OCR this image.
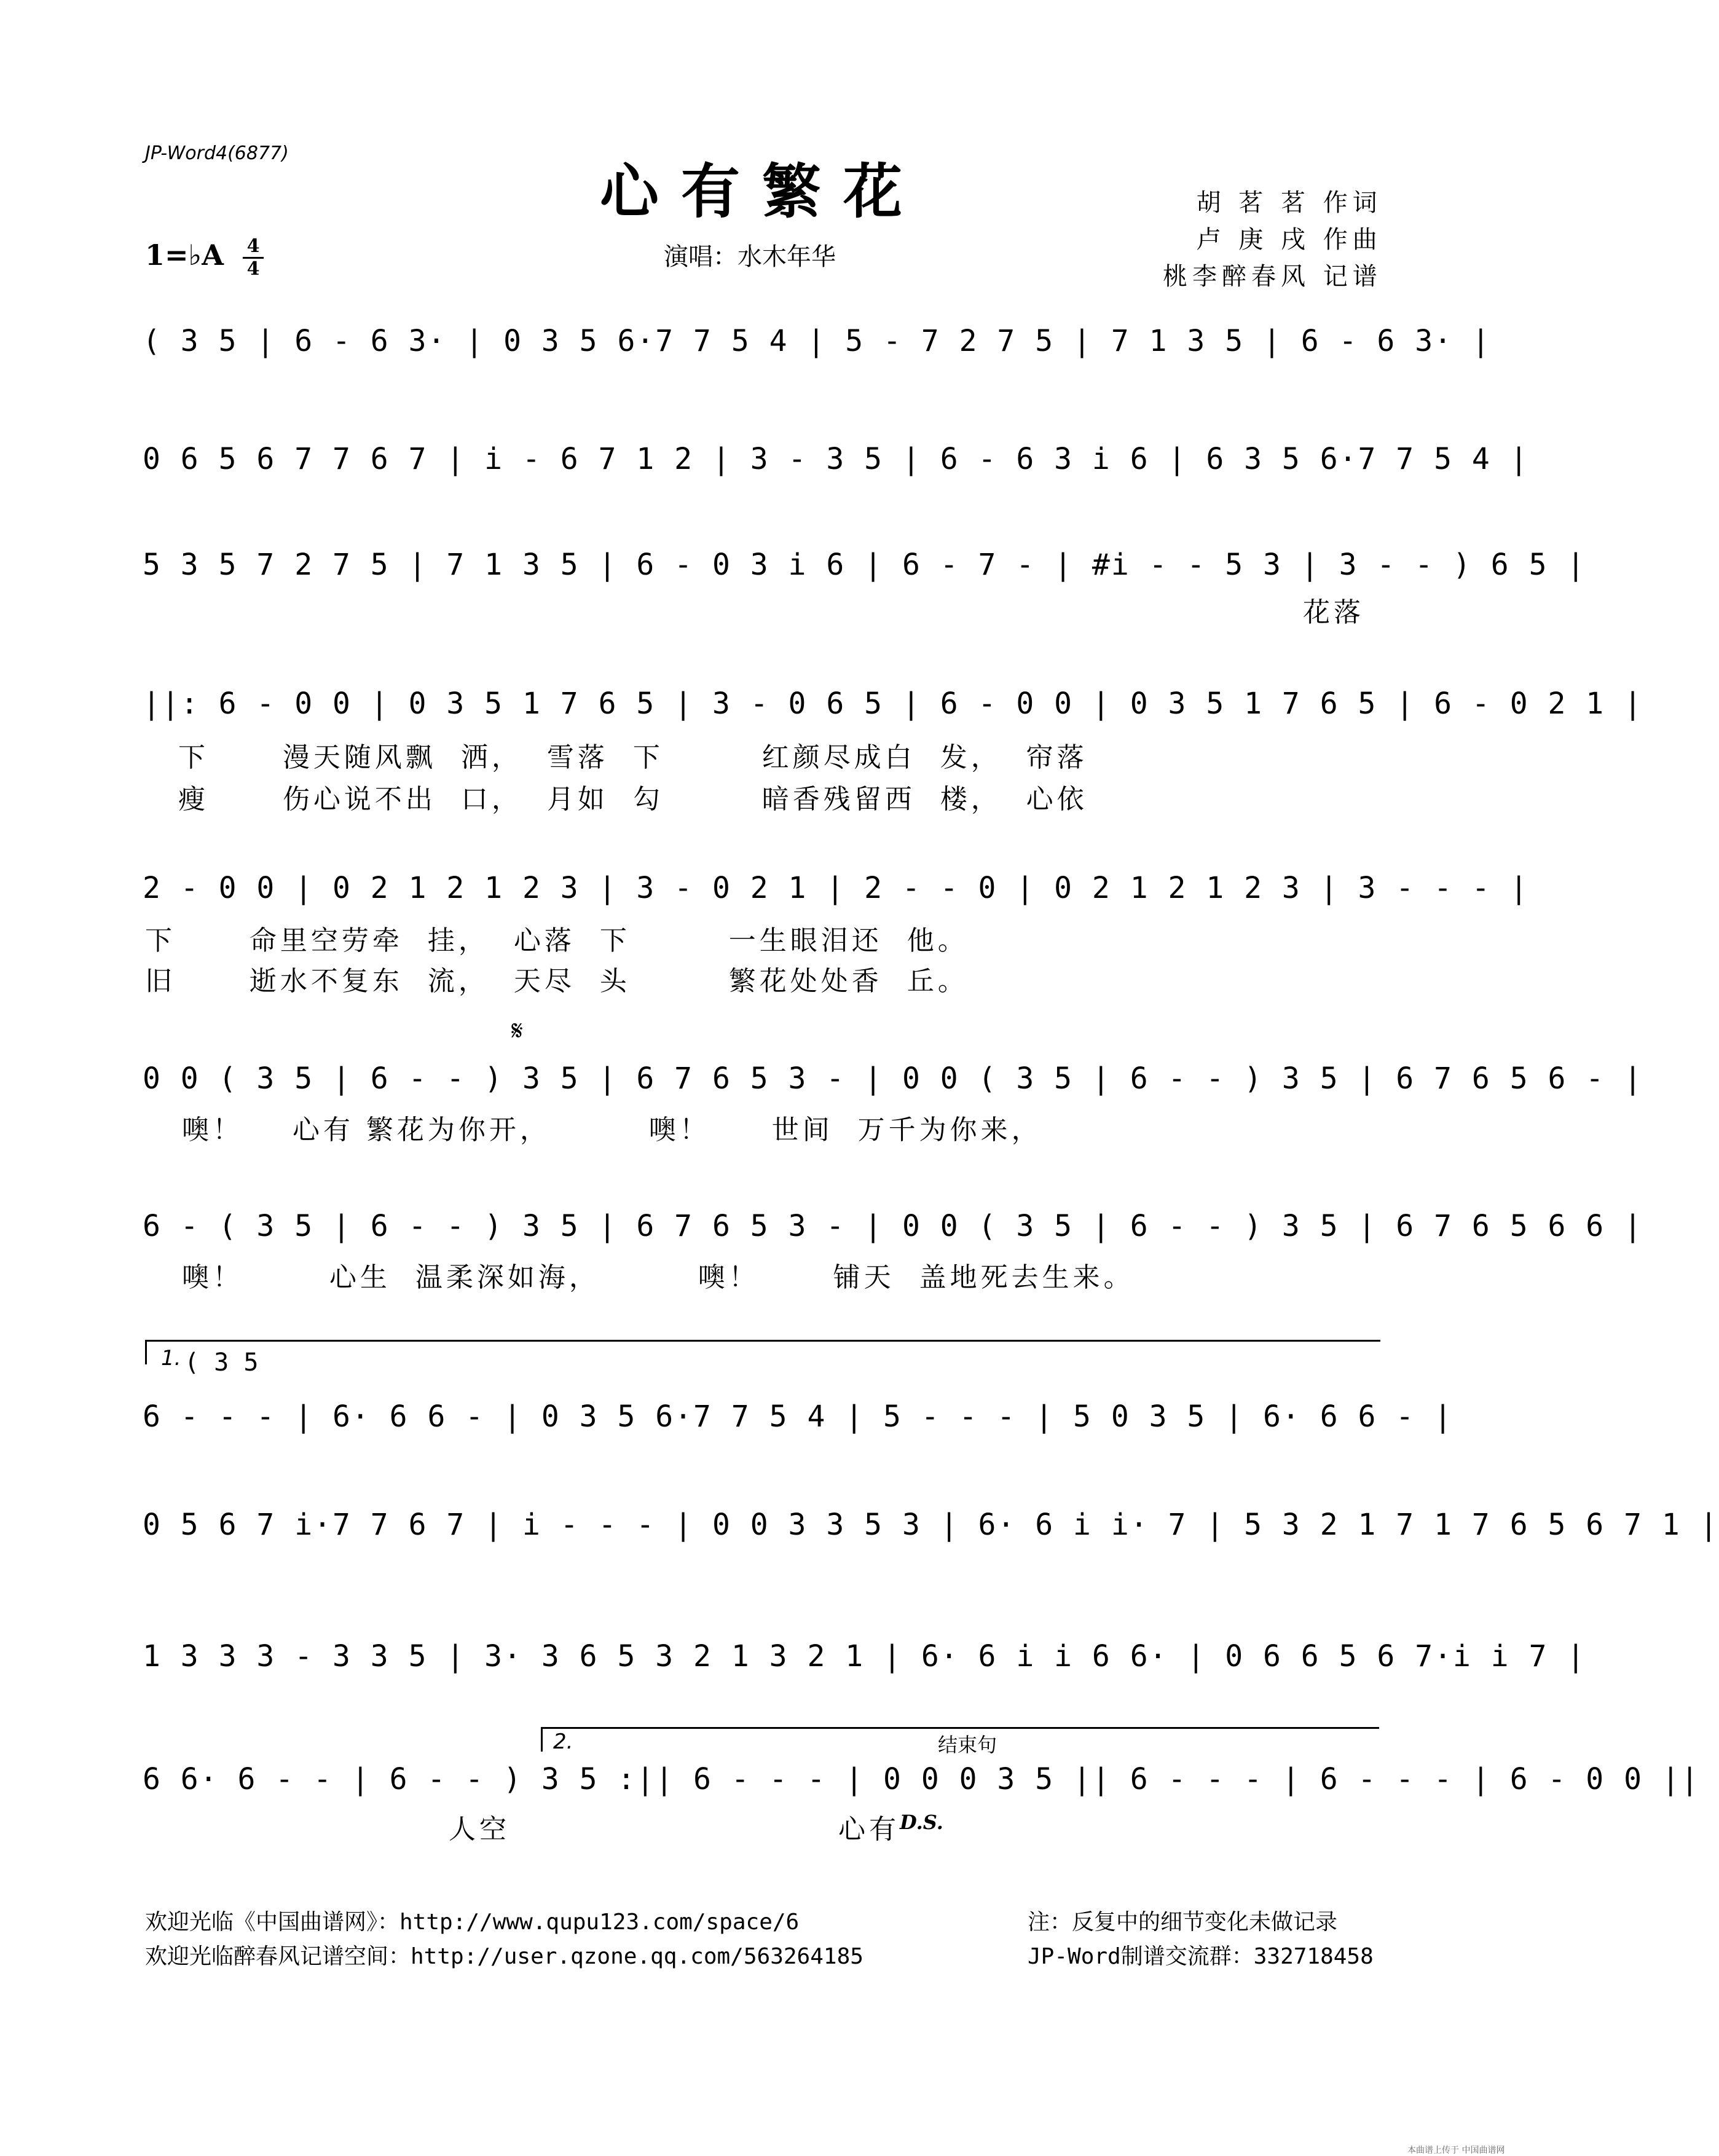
JP-Word4(6877)
心有繁花
1=♭A	4
4	演唱：水木年华
胡 茗 茗 作词
卢 庚 戌 作曲
桃李醉春风 记谱
( 3 5 | 6 - 6 3· | 0 3 5 6·7 7 5 4 | 5 - 7 2 7 5 | 7 1 3 5 | 6 - 6 3· |
0 6 5 6 7 7 6 7 | i - 6 7 1 2 | 3 - 3 5 | 6 - 6 3 i 6 | 6 3 5 6·7 7 5 4 |
5 3 5 7 2 7 5 | 7 1 3 5 | 6 - 0 3 i 6 | 6 - 7 - | #i - - 5 3 | 3 - - ) 6 5 |
花落
||: 6 - 0 0 | 0 3 5 1 7 6 5 | 3 - 0 6 5 | 6 - 0 0 | 0 3 5 1 7 6 5 | 6 - 0 2 1 |
下      漫天随风飘  洒，  雪落  下        红颜尽成白  发，  帘落
瘦      伤心说不出  口，  月如  勾        暗香残留西  楼，  心依
2 - 0 0 | 0 2 1 2 1 2 3 | 3 - 0 2 1 | 2 - - 0 | 0 2 1 2 1 2 3 | 3 - - - |
下      命里空劳牵  挂，  心落  下        一生眼泪还  他。
旧      逝水不复东  流，  天尽  头        繁花处处香  丘。
𝄋
0 0 ( 3 5 | 6 - - ) 3 5 | 6 7 6 5 3 - | 0 0 ( 3 5 | 6 - - ) 3 5 | 6 7 6 5 6 - |
噢！    心有 繁花为你开，        噢！     世间  万千为你来，
6 - ( 3 5 | 6 - - ) 3 5 | 6 7 6 5 3 - | 0 0 ( 3 5 | 6 - - ) 3 5 | 6 7 6 5 6 6 |
噢！       心生  温柔深如海，        噢！      铺天  盖地死去生来。
1. ( 3 5
6 - - - | 6· 6 6 - | 0 3 5 6·7 7 5 4 | 5 - - - | 5 0 3 5 | 6· 6 6 - |
0 5 6 7 i·7 7 6 7 | i - - - | 0 0 3 3 5 3 | 6· 6 i i· 7 | 5 3 2 1 7 1 7 6 5 6 7 1 |
1 3 3 3 - 3 3 5 | 3· 3 6 5 3 2 1 3 2 1 | 6· 6 i i 6 6· | 0 6 6 5 6 7·i i 7 |
2.	结束句
6 6· 6 - - | 6 - - ) 3 5 :|| 6 - - - | 0 0 0 3 5 || 6 - - - | 6 - - - | 6 - 0 0 ||
人空	心有 D.S.
欢迎光临《中国曲谱网》：http://www.qupu123.com/space/6
欢迎光临醉春风记谱空间：http://user.qzone.qq.com/563264185
注：反复中的细节变化未做记录
JP-Word制谱交流群：332718458
本曲谱上传于 中国曲谱网
